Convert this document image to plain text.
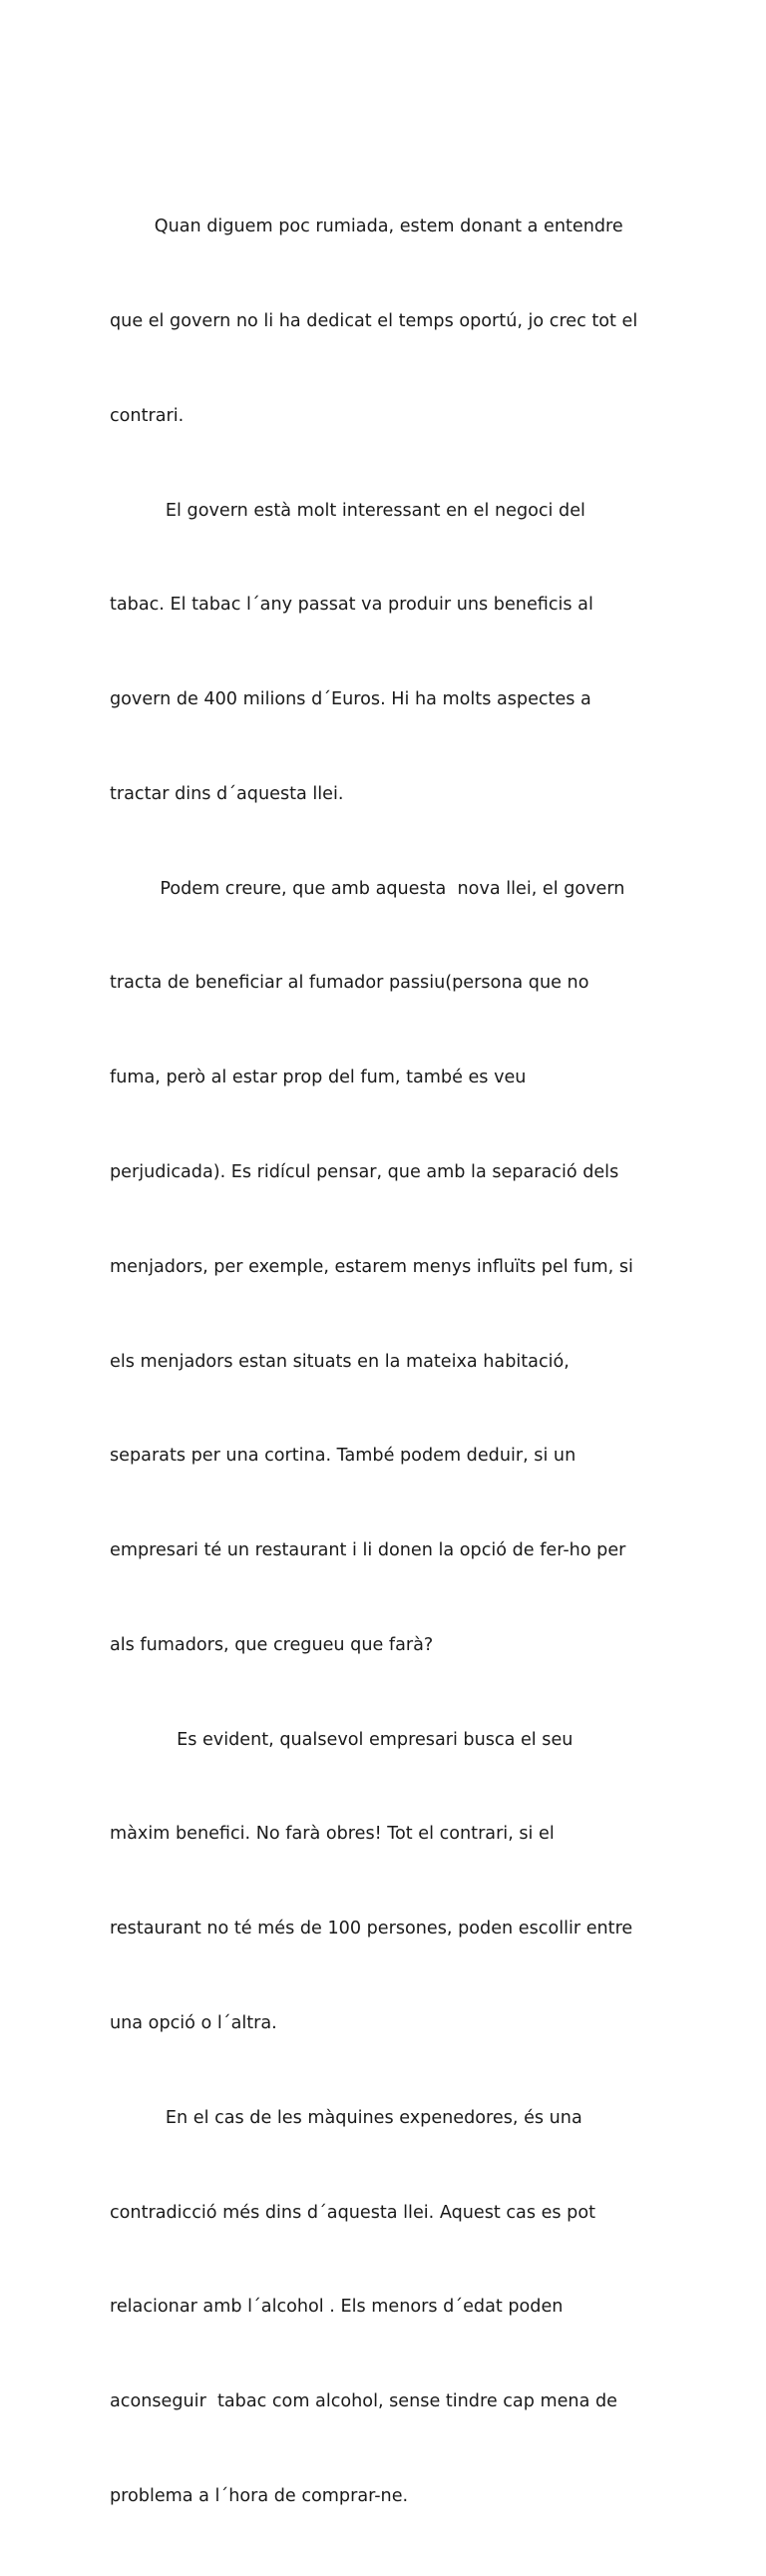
Quan diguem poc rumiada, estem donant a entendre

que el govern no li ha dedicat el temps oportú, jo crec tot el

contrari.

El govern està molt interessant en el negoci del

tabac. El tabac l´any passat va produir uns beneficis al

govern de 400 milions d´Euros. Hi ha molts aspectes a

tractar dins d´aquesta llei.

Podem creure, que amb aquesta  nova llei, el govern

tracta de beneficiar al fumador passiu(persona que no

fuma, però al estar prop del fum, també es veu

perjudicada). Es ridícul pensar, que amb la separació dels

menjadors, per exemple, estarem menys influïts pel fum, si

els menjadors estan situats en la mateixa habitació,

separats per una cortina. També podem deduir, si un

empresari té un restaurant i li donen la opció de fer-ho per

als fumadors, que cregueu que farà?

Es evident, qualsevol empresari busca el seu

màxim benefici. No farà obres! Tot el contrari, si el

restaurant no té més de 100 persones, poden escollir entre

una opció o l´altra.

En el cas de les màquines expenedores, és una

contradicció més dins d´aquesta llei. Aquest cas es pot

relacionar amb l´alcohol . Els menors d´edat poden

aconseguir  tabac com alcohol, sense tindre cap mena de

problema a l´hora de comprar-ne.
